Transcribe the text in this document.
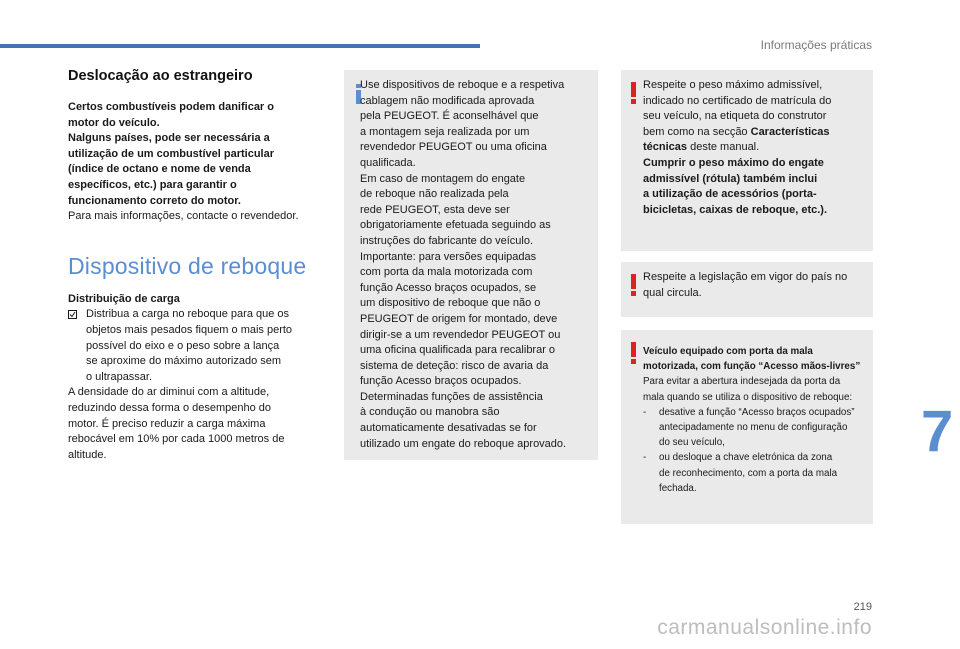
Informações práticas
Deslocação ao estrangeiro
Certos combustíveis podem danificar o
motor do veículo.
Nalguns países, pode ser necessária a
utilização de um combustível particular
(índice de octano e nome de venda
específicos, etc.) para garantir o
funcionamento correto do motor.
Para mais informações, contacte o revendedor.
Dispositivo de reboque
Distribuição de carga
Distribua a carga no reboque para que os
objetos mais pesados fiquem o mais perto
possível do eixo e o peso sobre a lança
se aproxime do máximo autorizado sem
o ultrapassar.
A densidade do ar diminui com a altitude,
reduzindo dessa forma o desempenho do
motor. É preciso reduzir a carga máxima
rebocável em 10% por cada 1000 metros de
altitude.
Use dispositivos de reboque e a respetiva
cablagem não modificada aprovada
pela PEUGEOT. É aconselhável que
a montagem seja realizada por um
revendedor PEUGEOT ou uma oficina
qualificada.
Em caso de montagem do engate
de reboque não realizada pela
rede PEUGEOT, esta deve ser
obrigatoriamente efetuada seguindo as
instruções do fabricante do veículo.
Importante: para versões equipadas
com porta da mala motorizada com
função Acesso braços ocupados, se
um dispositivo de reboque que não o
PEUGEOT de origem for montado, deve
dirigir-se a um revendedor PEUGEOT ou
uma oficina qualificada para recalibrar o
sistema de deteção: risco de avaria da
função Acesso braços ocupados.
Determinadas funções de assistência
à condução ou manobra são
automaticamente desativadas se for
utilizado um engate do reboque aprovado.
Respeite o peso máximo admissível,
indicado no certificado de matrícula do
seu veículo, na etiqueta do construtor
bem como na secção Características
técnicas deste manual.
Cumprir o peso máximo do engate
admissível (rótula) também inclui
a utilização de acessórios (porta-
bicicletas, caixas de reboque, etc.).
Respeite a legislação em vigor do país no
qual circula.
Veículo equipado com porta da mala
motorizada, com função “Acesso mãos-livres”
Para evitar a abertura indesejada da porta da
mala quando se utiliza o dispositivo de reboque:
-	desative a função “Acesso braços ocupados”
antecipadamente no menu de configuração
do seu veículo,
-	ou desloque a chave eletrónica da zona
de reconhecimento, com a porta da mala
fechada.
7
219
carmanualsonline.info
